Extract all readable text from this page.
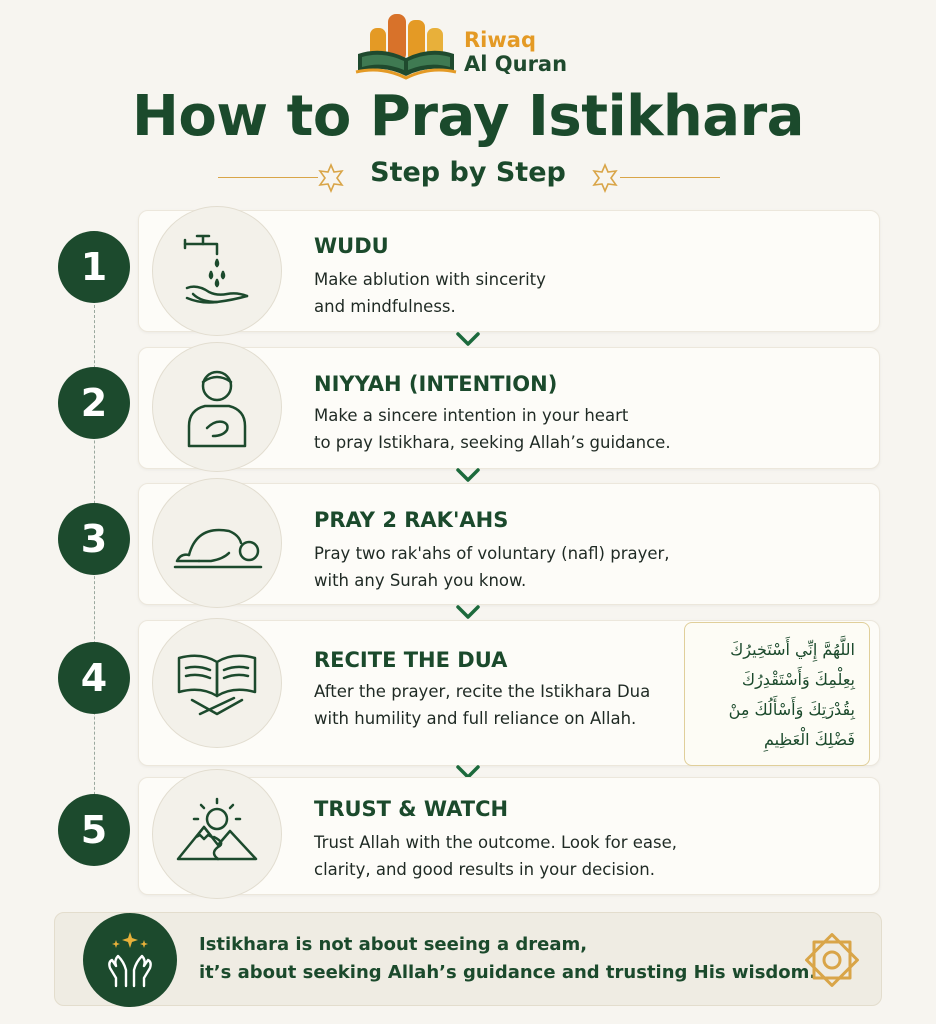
Riwaq
Al Quran
How to Pray Istikhara
Step by Step
1	WUDU
Make ablution with sincerity
and mindfulness.
2	NIYYAH (INTENTION)
Make a sincere intention in your heart
to pray Istikhara, seeking Allah’s guidance.
3	PRAY 2 RAK'AHS
Pray two rak'ahs of voluntary (nafl) prayer,
with any Surah you know.
4	RECITE THE DUA
After the prayer, recite the Istikhara Dua
with humility and full reliance on Allah.
اللَّهُمَّ إِنِّي أَسْتَخِيرُكَ
بِعِلْمِكَ وَأَسْتَقْدِرُكَ
بِقُدْرَتِكَ وَأَسْأَلُكَ مِنْ
فَضْلِكَ الْعَظِيمِ
5	TRUST & WATCH
Trust Allah with the outcome. Look for ease,
clarity, and good results in your decision.
Istikhara is not about seeing a dream,
it’s about seeking Allah’s guidance and trusting His wisdom.
